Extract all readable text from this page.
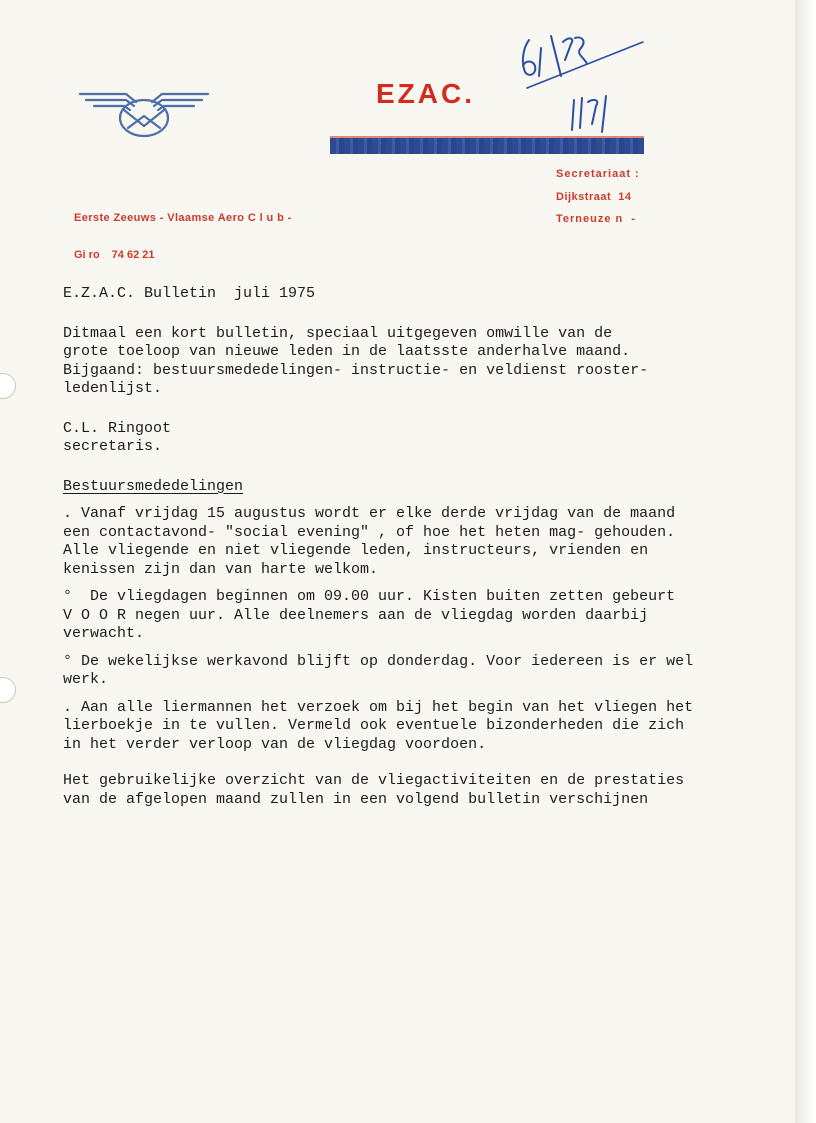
EZAC.
Secretariaat :
Dijkstraat  14
Terneuze n  -
Eerste Zeeuws - Vlaamse Aero C l u b -
Gi ro 74 62 21

E.Z.A.C. Bulletin  juli 1975

Ditmaal een kort bulletin, speciaal uitgegeven omwille van de

grote toeloop van nieuwe leden in de laatsste anderhalve maand.

Bijgaand: bestuursmededelingen- instructie- en veldienst rooster-

ledenlijst.

C.L. Ringoot

secretaris.

Bestuursmededelingen

. Vanaf vrijdag 15 augustus wordt er elke derde vrijdag van de maand

een contactavond- "social evening" , of hoe het heten mag- gehouden.

Alle vliegende en niet vliegende leden, instructeurs, vrienden en

kenissen zijn dan van harte welkom.

°  De vliegdagen beginnen om 09.00 uur. Kisten buiten zetten gebeurt

V O O R negen uur. Alle deelnemers aan de vliegdag worden daarbij

verwacht.

° De wekelijkse werkavond blijft op donderdag. Voor iedereen is er wel

werk.

. Aan alle liermannen het verzoek om bij het begin van het vliegen het

lierboekje in te vullen. Vermeld ook eventuele bizonderheden die zich

in het verder verloop van de vliegdag voordoen.

Het gebruikelijke overzicht van de vliegactiviteiten en de prestaties

van de afgelopen maand zullen in een volgend bulletin verschijnen
